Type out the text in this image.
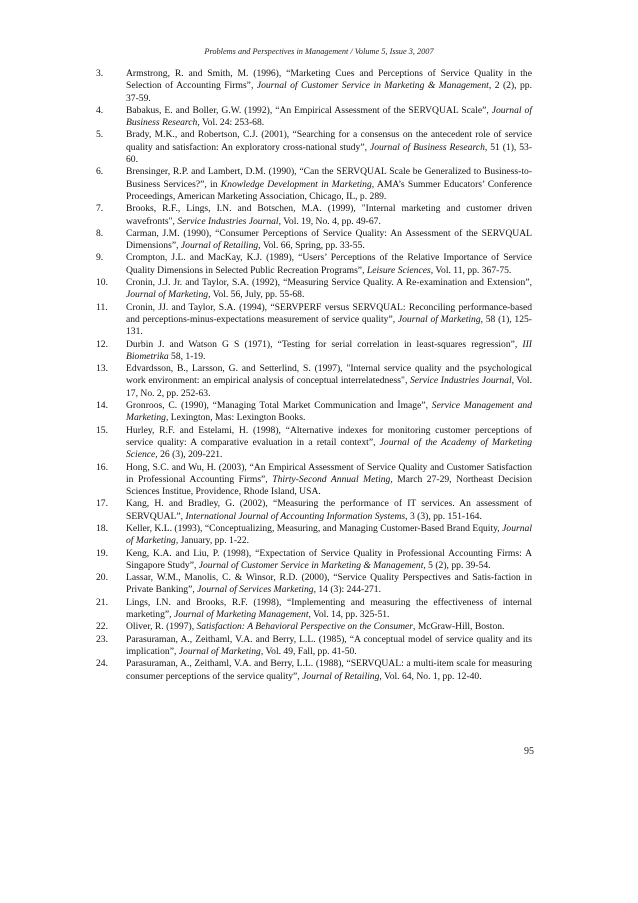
Problems and Perspectives in Management / Volume 5, Issue 3, 2007
3.	Armstrong, R. and Smith, M. (1996), “Marketing Cues and Perceptions of Service Quality in the Selection of Accounting Firms”, Journal of Customer Service in Marketing & Management, 2 (2), pp. 37-59.
4.	Babakus, E. and Boller, G.W. (1992), “An Empirical Assessment of the SERVQUAL Scale”, Journal of Business Research, Vol. 24: 253-68.
5.	Brady, M.K., and Robertson, C.J. (2001), “Searching for a consensus on the antecedent role of service quality and satisfaction: An exploratory cross-national study”, Journal of Business Research, 51 (1), 53-60.
6.	Brensinger, R.P. and Lambert, D.M. (1990), “Can the SERVQUAL Scale be Generalized to Business-to-Business Services?”, in Knowledge Development in Marketing, AMA’s Summer Educators’ Conference Proceedings, American Marketing Association, Chicago, IL, p. 289.
7.	Brooks, R.F., Lings, I.N. and Botschen, M.A. (1999), "Internal marketing and customer driven wavefronts", Service Industries Journal, Vol. 19, No. 4, pp. 49-67.
8.	Carman, J.M. (1990), “Consumer Perceptions of Service Quality: An Assessment of the SERVQUAL Dimensions”, Journal of Retailing, Vol. 66, Spring, pp. 33-55.
9.	Crompton, J.L. and MacKay, K.J. (1989), “Users’ Perceptions of the Relative Importance of Service Quality Dimensions in Selected Public Recreation Programs”, Leisure Sciences, Vol. 11, pp. 367-75.
10.	Cronin, J.J. Jr. and Taylor, S.A. (1992), “Measuring Service Quality. A Re-examination and Extension”, Journal of Marketing, Vol. 56, July, pp. 55-68.
11.	Cronin, JJ. and Taylor, S.A. (1994), “SERVPERF versus SERVQUAL: Reconciling performance-based and perceptions-minus-expectations measurement of service quality”, Journal of Marketing, 58 (1), 125-131.
12.	Durbin J. and Watson G S (1971), “Testing for serial correlation in least-squares regression”, III Biometrika 58, 1-19.
13.	Edvardsson, B., Larsson, G. and Setterlind, S. (1997), "Internal service quality and the psychological work environment: an empirical analysis of conceptual interrelatedness", Service Industries Journal, Vol. 17, No. 2, pp. 252-63.
14.	Gronroos, C. (1990), “Managing Total Market Communication and İmage”, Service Management and Marketing, Lexington, Mas: Lexington Books.
15.	Hurley, R.F. and Estelami, H. (1998), “Alternative indexes for monitoring customer perceptions of service quality: A comparative evaluation in a retail context”, Journal of the Academy of Marketing Science, 26 (3), 209-221.
16.	Hong, S.C. and Wu, H. (2003), “An Empirical Assessment of Service Quality and Customer Satisfaction in Professional Accounting Firms”, Thirty-Second Annual Meting, March 27-29, Northeast Decision Sciences Institue, Providence, Rhode Island, USA.
17.	Kang, H. and Bradley, G. (2002), “Measuring the performance of IT services. An assessment of SERVQUAL”, International Journal of Accounting Information Systems, 3 (3), pp. 151-164.
18.	Keller, K.L. (1993), “Conceptualizing, Measuring, and Managing Customer-Based Brand Equity, Journal of Marketing, January, pp. 1-22.
19.	Keng, K.A. and Liu, P. (1998), “Expectation of Service Quality in Professional Accounting Firms: A Singapore Study”, Journal of Customer Service in Marketing & Management, 5 (2), pp. 39-54.
20.	Lassar, W.M., Manolis, C. & Winsor, R.D. (2000), “Service Quality Perspectives and Satis-faction in Private Banking”, Journal of Services Marketing, 14 (3): 244-271.
21.	Lings, I.N. and Brooks, R.F. (1998), “Implementing and measuring the effectiveness of internal marketing”, Journal of Marketing Management, Vol. 14, pp. 325-51.
22.	Oliver, R. (1997), Satisfaction: A Behavioral Perspective on the Consumer, McGraw-Hill, Boston.
23.	Parasuraman, A., Zeithaml, V.A. and Berry, L.L. (1985), “A conceptual model of service quality and its implication”, Journal of Marketing, Vol. 49, Fall, pp. 41-50.
24.	Parasuraman, A., Zeithaml, V.A. and Berry, L.L. (1988), “SERVQUAL: a multi-item scale for measuring consumer perceptions of the service quality”, Journal of Retailing, Vol. 64, No. 1, pp. 12-40.
95
